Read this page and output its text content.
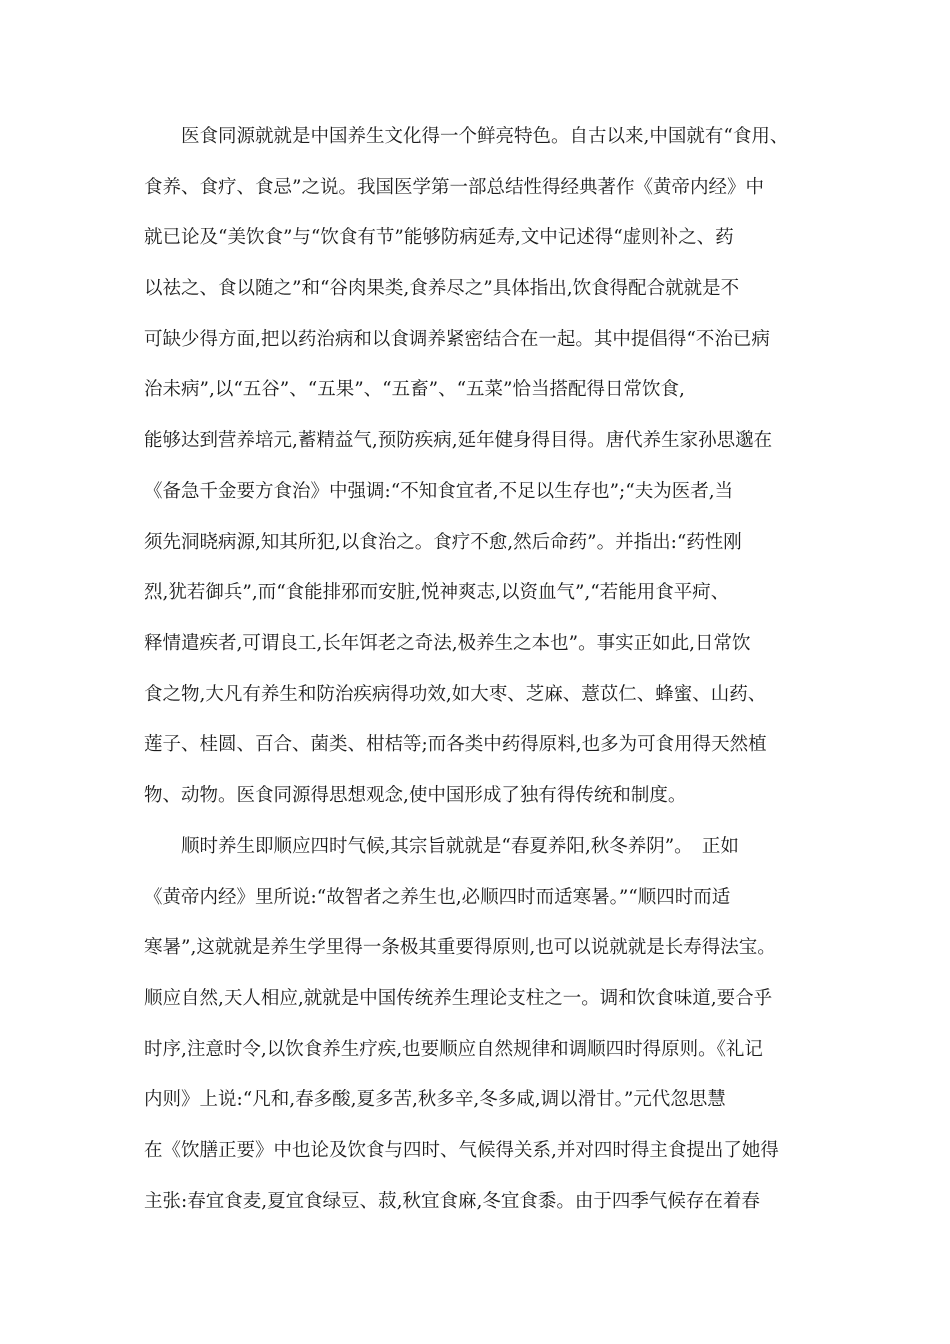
　　医食同源就就是中国养生文化得一个鲜亮特色。自古以来,中国就有“食用、
食养、食疗、食忌”之说。我国医学第一部总结性得经典著作《黄帝内经》中
就已论及“美饮食”与“饮食有节”能够防病延寿,文中记述得“虚则补之、药
以祛之、食以随之”和“谷肉果类,食养尽之”具体指出,饮食得配合就就是不
可缺少得方面,把以药治病和以食调养紧密结合在一起。其中提倡得“不治已病
治未病”,以“五谷”、“五果”、“五畜”、“五菜”恰当搭配得日常饮食,
能够达到营养培元,蓄精益气,预防疾病,延年健身得目得。唐代养生家孙思邈在
《备急千金要方食治》中强调:“不知食宜者,不足以生存也”;“夫为医者,当
须先洞晓病源,知其所犯,以食治之。食疗不愈,然后命药”。并指出:“药性刚
烈,犹若御兵”,而“食能排邪而安脏,悦神爽志,以资血气”,“若能用食平疴、
释情遣疾者,可谓良工,长年饵老之奇法,极养生之本也”。事实正如此,日常饮
食之物,大凡有养生和防治疾病得功效,如大枣、芝麻、薏苡仁、蜂蜜、山药、
莲子、桂圆、百合、菌类、柑桔等;而各类中药得原料,也多为可食用得天然植
物、动物。医食同源得思想观念,使中国形成了独有得传统和制度。
　　顺时养生即顺应四时气候,其宗旨就就是“春夏养阳,秋冬养阴”。　正如
《黄帝内经》里所说:“故智者之养生也,必顺四时而适寒暑。”“顺四时而适
寒暑”,这就就是养生学里得一条极其重要得原则,也可以说就就是长寿得法宝。
顺应自然,天人相应,就就是中国传统养生理论支柱之一。调和饮食味道,要合乎
时序,注意时令,以饮食养生疗疾,也要顺应自然规律和调顺四时得原则。《礼记
内则》上说:“凡和,春多酸,夏多苦,秋多辛,冬多咸,调以滑甘。”元代忽思慧
在《饮膳正要》中也论及饮食与四时、气候得关系,并对四时得主食提出了她得
主张:春宜食麦,夏宜食绿豆、菽,秋宜食麻,冬宜食黍。由于四季气候存在着春
